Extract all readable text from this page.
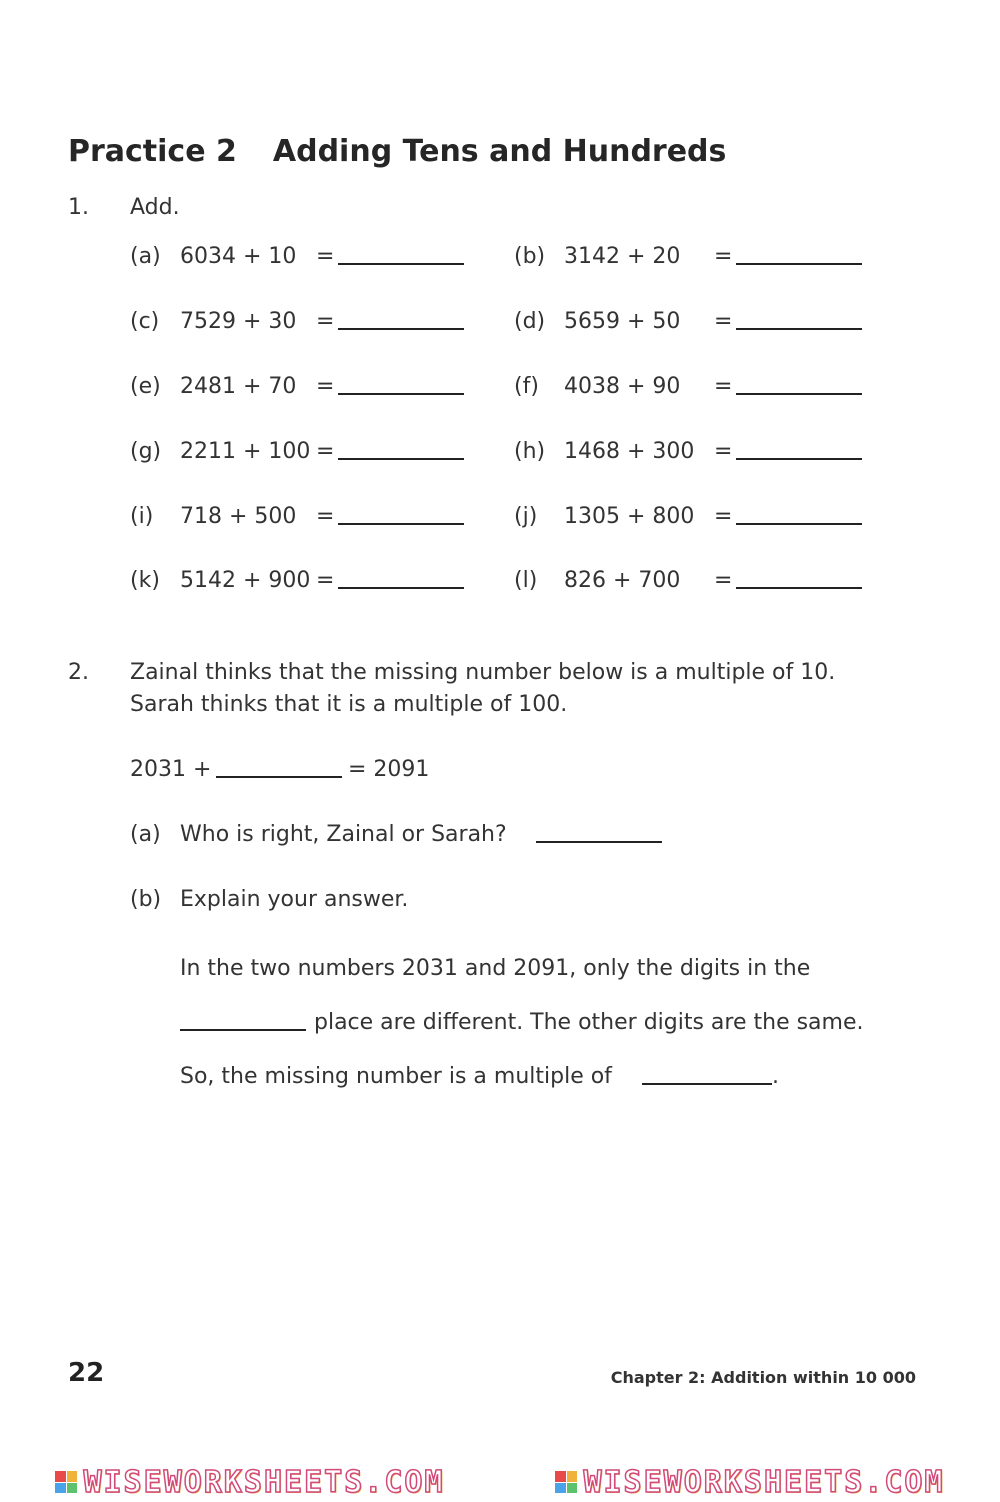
Practice 2 Adding Tens and Hundreds
1. Add.
(a) 6034 + 10 =	(b) 3142 + 20 =
(c) 7529 + 30 =	(d) 5659 + 50 =
(e) 2481 + 70 =	(f) 4038 + 90 =
(g) 2211 + 100 =	(h) 1468 + 300 =
(i) 718 + 500 =	(j) 1305 + 800 =
(k) 5142 + 900 =	(l) 826 + 700 =
2. Zainal thinks that the missing number below is a multiple of 10.
Sarah thinks that it is a multiple of 100.
2031 +	= 2091
(a) Who is right, Zainal or Sarah?
(b) Explain your answer.
In the two numbers 2031 and 2091, only the digits in the
place are different. The other digits are the same.
So, the missing number is a multiple of	.
22	Chapter 2: Addition within 10 000
WISEWORKSHEETS.COM	WISEWORKSHEETS.COM
